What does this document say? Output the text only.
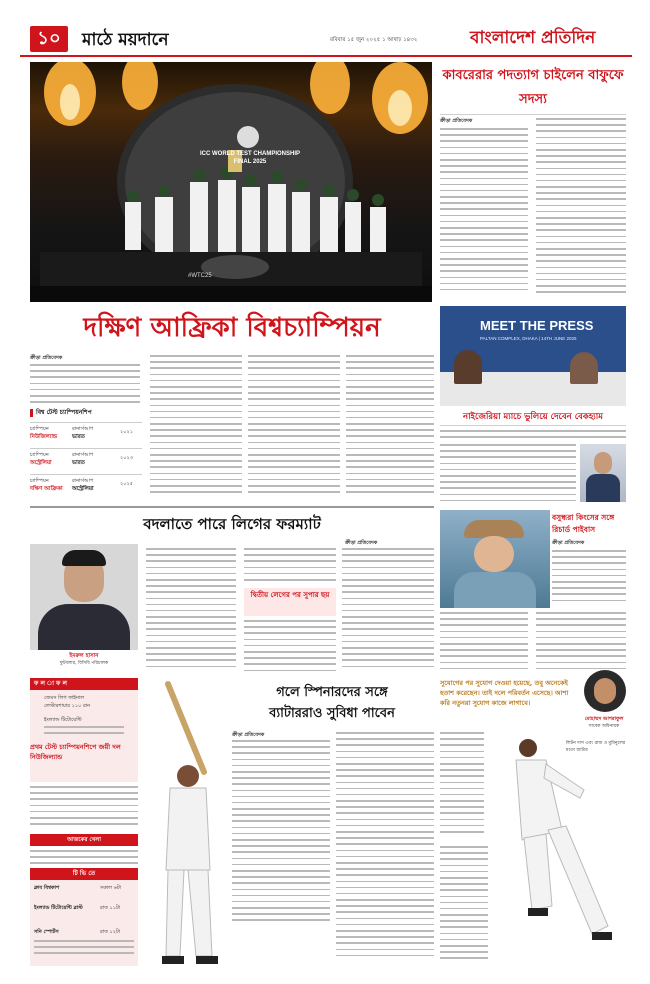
১০	মাঠে ময়দানে	রবিবার ১৫ জুন ২০২৫ ১ আষাঢ় ১৪৩২	বাংলাদেশ প্রতিদিন
ICC WORLD TEST CHAMPIONSHIP FINAL 2025
#WTC25
দক্ষিণ আফ্রিকা বিশ্বচ্যাম্পিয়ন
ক্রীড়া প্রতিবেদক
বিশ্ব টেস্ট চ্যাম্পিয়নশিপ
চ্যাম্পিয়ন
নিউজিল্যান্ড
রানার্সআপ
ভারত
২০২১
চ্যাম্পিয়ন
অস্ট্রেলিয়া
রানার্সআপ
ভারত
২০২৩
চ্যাম্পিয়ন
দক্ষিণ আফ্রিকা
রানার্সআপ
অস্ট্রেলিয়া
২০২৫
কাবরেরার পদত্যাগ চাইলেন বাফুফে সদস্য
ক্রীড়া প্রতিবেদক
MEET THE PRESS
PALTAN COMPLEX, DHAKA | 14TH JUNE 2025
নাইজেরিয়া ম্যাচে ভুলিয়ে দেবেন বেকহ্যাম
বদলাতে পারে লিগের ফরম্যাট
ইমরুল হাসান
ফুটবলার, বিসিবি পরিচালক
ক্রীড়া প্রতিবেদক
দ্বিতীয় লেগের পর সুপার ছয়
বসুন্ধরা কিংসের সঙ্গে রিচার্ড পাইবাস
ক্রীড়া প্রতিবেদক
ফ ল া ফ ল
জেমস লিগ ফাইনাল
লেস্টারশায়ার ১১০ রান
ইংল্যান্ড টিটোয়েন্টি
প্রথম টেস্ট চ্যাম্পিয়নশিপে জয়ী দল নিউজিল্যান্ড
আজকের খেলা
টি ভি তে
ক্লাব বিশ্বকাপ	সকাল ৬টা
ইংল্যান্ড টিটোয়েন্টি ব্লাস্ট	রাত ১১টা
সনি স্পোর্টস	রাত ১২টা
গলে স্পিনারদের সঙ্গে
ব্যাটাররাও সুবিধা পাবেন
ক্রীড়া প্রতিবেদক
সুযোগের পর সুযোগ দেওয়া হয়েছে, তবু অনেকেই হতাশ করেছেন। তাই দলে পরিবর্তন এসেছে। আশা করি নতুনরা সুযোগ কাজে লাগাবে।
মোহাম্মদ আশরাফুল
সাবেক অধিনায়ক
লিটন দাস এবং রাজ ও মুমিনুলের মতো ব্যাটার
